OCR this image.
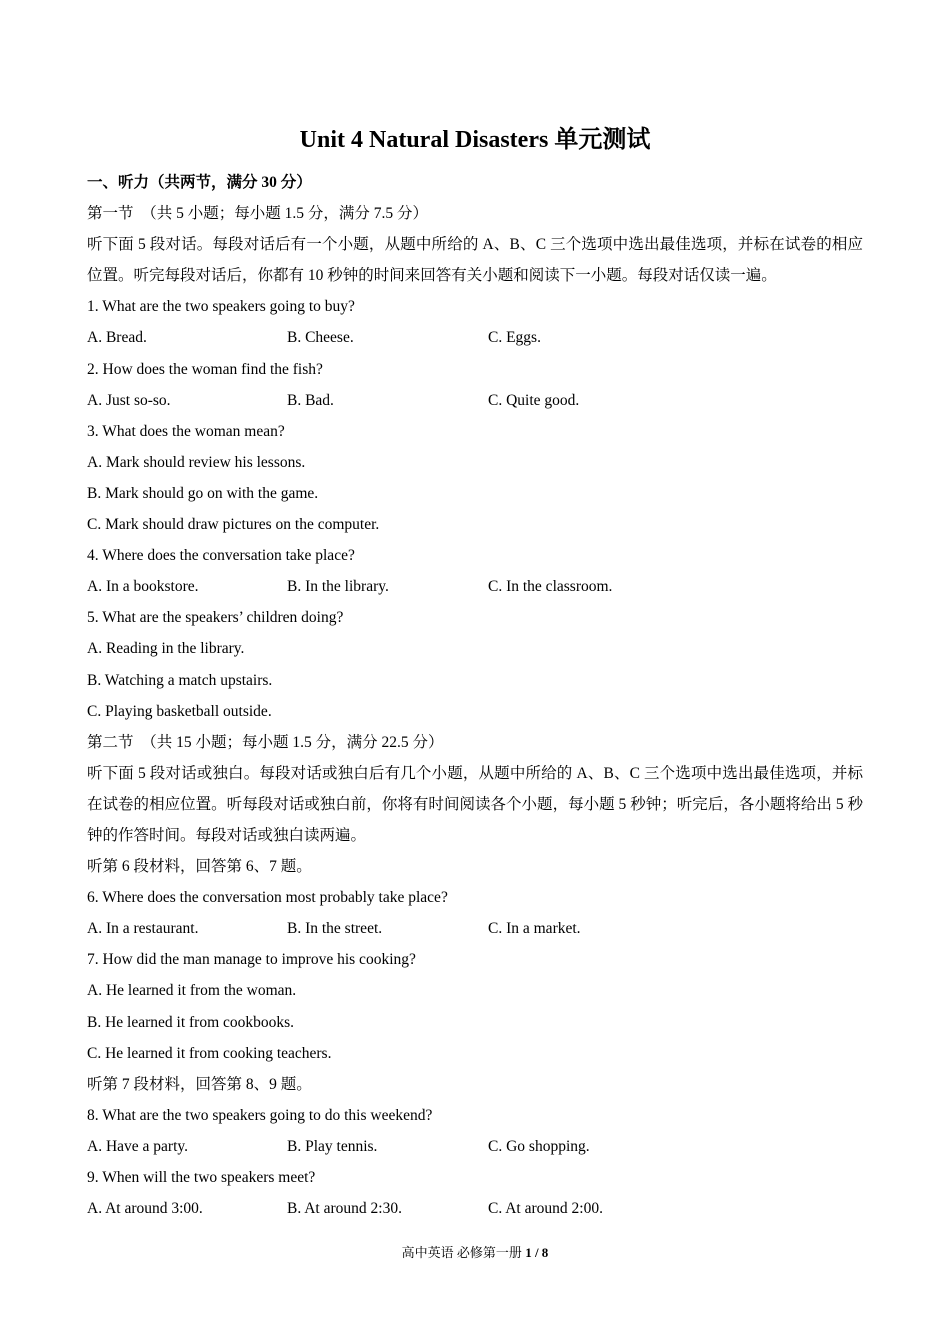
Unit 4 Natural Disasters 单元测试
一、听力（共两节，满分 30 分）
第一节　（共 5 小题；每小题 1.5 分，满分 7.5 分）
听下面 5 段对话。每段对话后有一个小题，从题中所给的 A、B、C 三个选项中选出最佳选项，并标在试卷的相应位置。听完每段对话后，你都有 10 秒钟的时间来回答有关小题和阅读下一小题。每段对话仅读一遍。
1. What are the two speakers going to buy?
A. Bread.	B. Cheese.	C. Eggs.
2. How does the woman find the fish?
A. Just so-so.	B. Bad.	C. Quite good.
3. What does the woman mean?
A. Mark should review his lessons.
B. Mark should go on with the game.
C. Mark should draw pictures on the computer.
4. Where does the conversation take place?
A. In a bookstore.	B. In the library.	C. In the classroom.
5. What are the speakers’ children doing?
A. Reading in the library.
B. Watching a match upstairs.
C. Playing basketball outside.
第二节　（共 15 小题；每小题 1.5 分，满分 22.5 分）
听下面 5 段对话或独白。每段对话或独白后有几个小题，从题中所给的 A、B、C 三个选项中选出最佳选项，并标在试卷的相应位置。听每段对话或独白前，你将有时间阅读各个小题，每小题 5 秒钟；听完后，各小题将给出 5 秒钟的作答时间。每段对话或独白读两遍。
听第 6 段材料，回答第 6、7 题。
6. Where does the conversation most probably take place?
A. In a restaurant.	B. In the street.	C. In a market.
7. How did the man manage to improve his cooking?
A. He learned it from the woman.
B. He learned it from cookbooks.
C. He learned it from cooking teachers.
听第 7 段材料，回答第 8、9 题。
8. What are the two speakers going to do this weekend?
A. Have a party.	B. Play tennis.	C. Go shopping.
9. When will the two speakers meet?
A. At around 3:00.	B. At around 2:30.	C. At around 2:00.
高中英语 必修第一册 1 / 8
